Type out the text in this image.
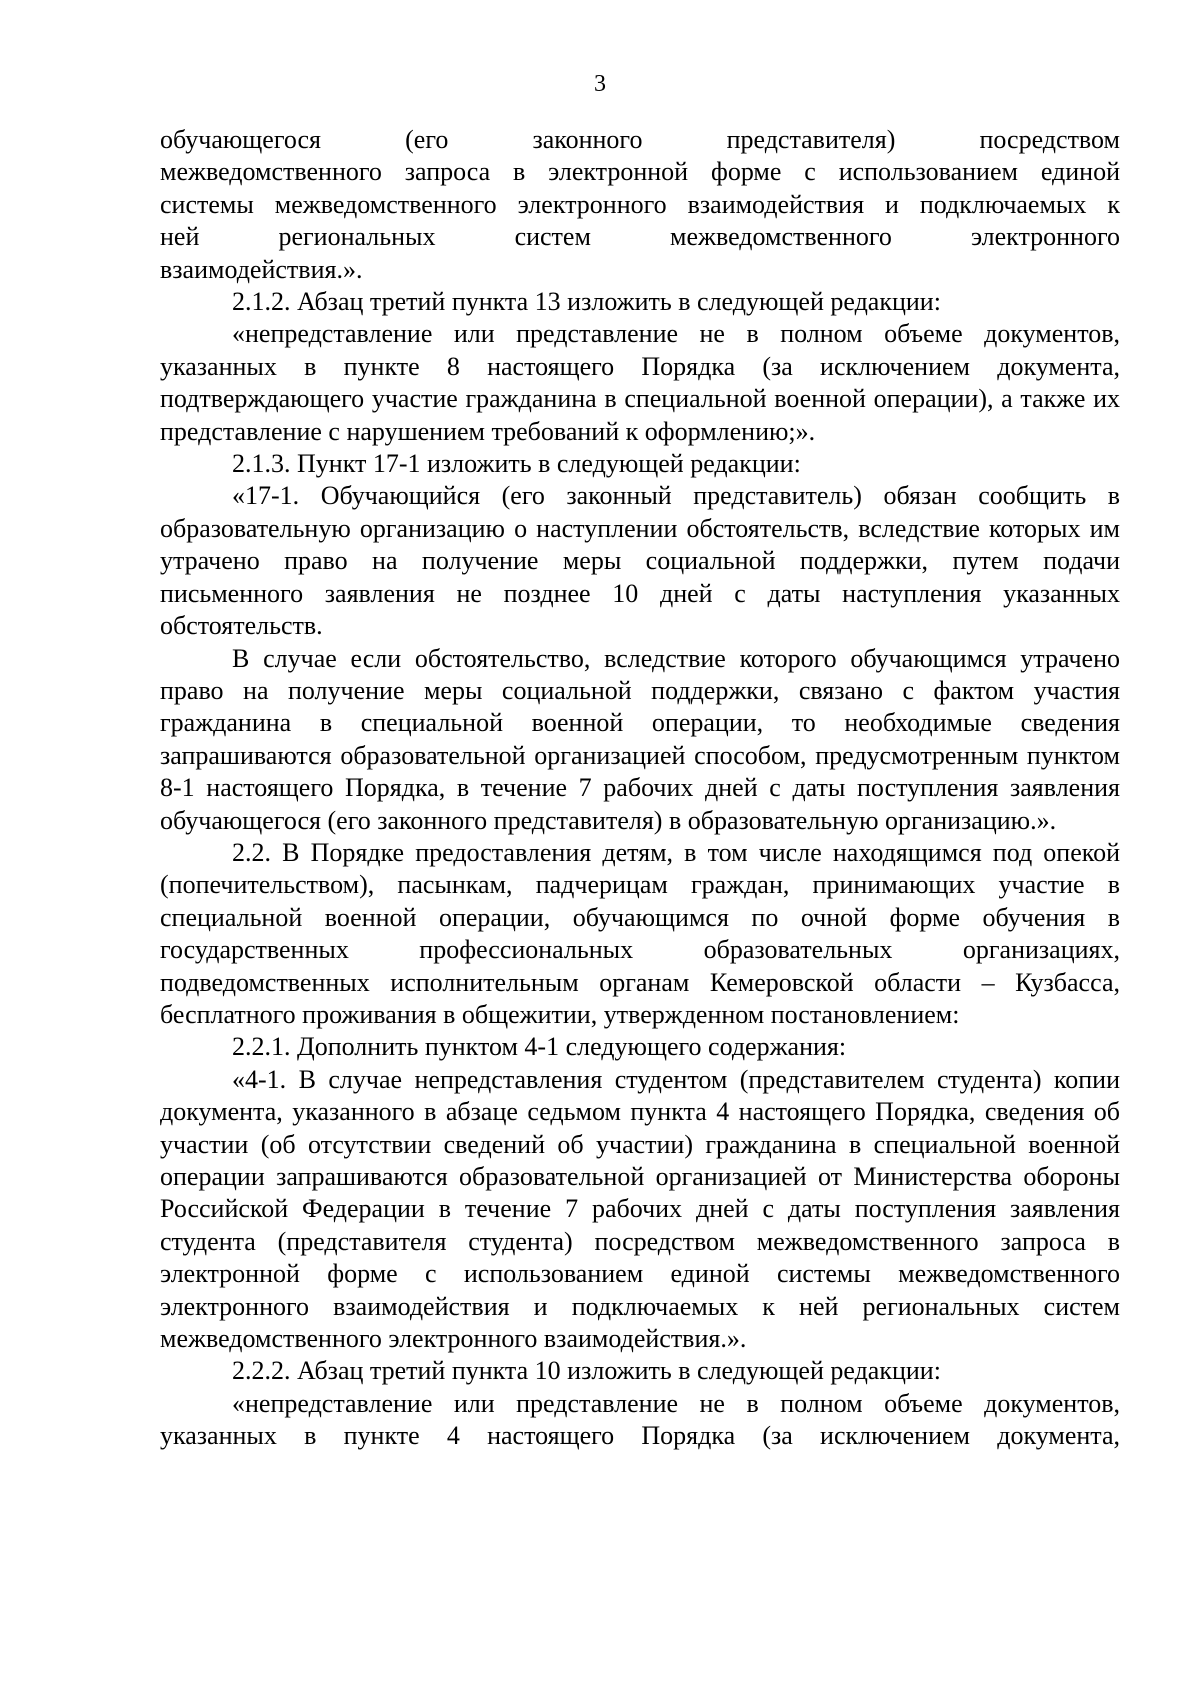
3
обучающегося (его законного представителя) посредством
межведомственного запроса в электронной форме с использованием единой
системы межведомственного электронного взаимодействия и подключаемых к
ней региональных систем межведомственного электронного
взаимодействия.».

2.1.2. Абзац третий пункта 13 изложить в следующей редакции:

«непредставление или представление не в полном объеме документов, указанных в пункте 8 настоящего Порядка (за исключением документа, подтверждающего участие гражданина в специальной военной операции), а также их представление с нарушением требований к оформлению;».

2.1.3. Пункт 17-1 изложить в следующей редакции:

«17-1. Обучающийся (его законный представитель) обязан сообщить в образовательную организацию о наступлении обстоятельств, вследствие которых им утрачено право на получение меры социальной поддержки, путем подачи письменного заявления не позднее 10 дней с даты наступления указанных обстоятельств.

В случае если обстоятельство, вследствие которого обучающимся утрачено право на получение меры социальной поддержки, связано с фактом участия гражданина в специальной военной операции, то необходимые сведения запрашиваются образовательной организацией способом, предусмотренным пунктом 8-1 настоящего Порядка, в течение 7 рабочих дней с даты поступления заявления обучающегося (его законного представителя) в образовательную организацию.».

2.2. В Порядке предоставления детям, в том числе находящимся под опекой (попечительством), пасынкам, падчерицам граждан, принимающих участие в специальной военной операции, обучающимся по очной форме обучения в государственных профессиональных образовательных организациях, подведомственных исполнительным органам Кемеровской области – Кузбасса, бесплатного проживания в общежитии, утвержденном постановлением:

2.2.1. Дополнить пунктом 4-1 следующего содержания:

«4-1. В случае непредставления студентом (представителем студента) копии документа, указанного в абзаце седьмом пункта 4 настоящего Порядка, сведения об участии (об отсутствии сведений об участии) гражданина в специальной военной операции запрашиваются образовательной организацией от Министерства обороны Российской Федерации в течение 7 рабочих дней с даты поступления заявления студента (представителя студента) посредством межведомственного запроса в электронной форме с использованием единой системы межведомственного электронного взаимодействия и подключаемых к ней региональных систем межведомственного электронного взаимодействия.».

2.2.2. Абзац третий пункта 10 изложить в следующей редакции:

«непредставление или представление не в полном объеме документов, указанных в пункте 4 настоящего Порядка (за исключением документа,
